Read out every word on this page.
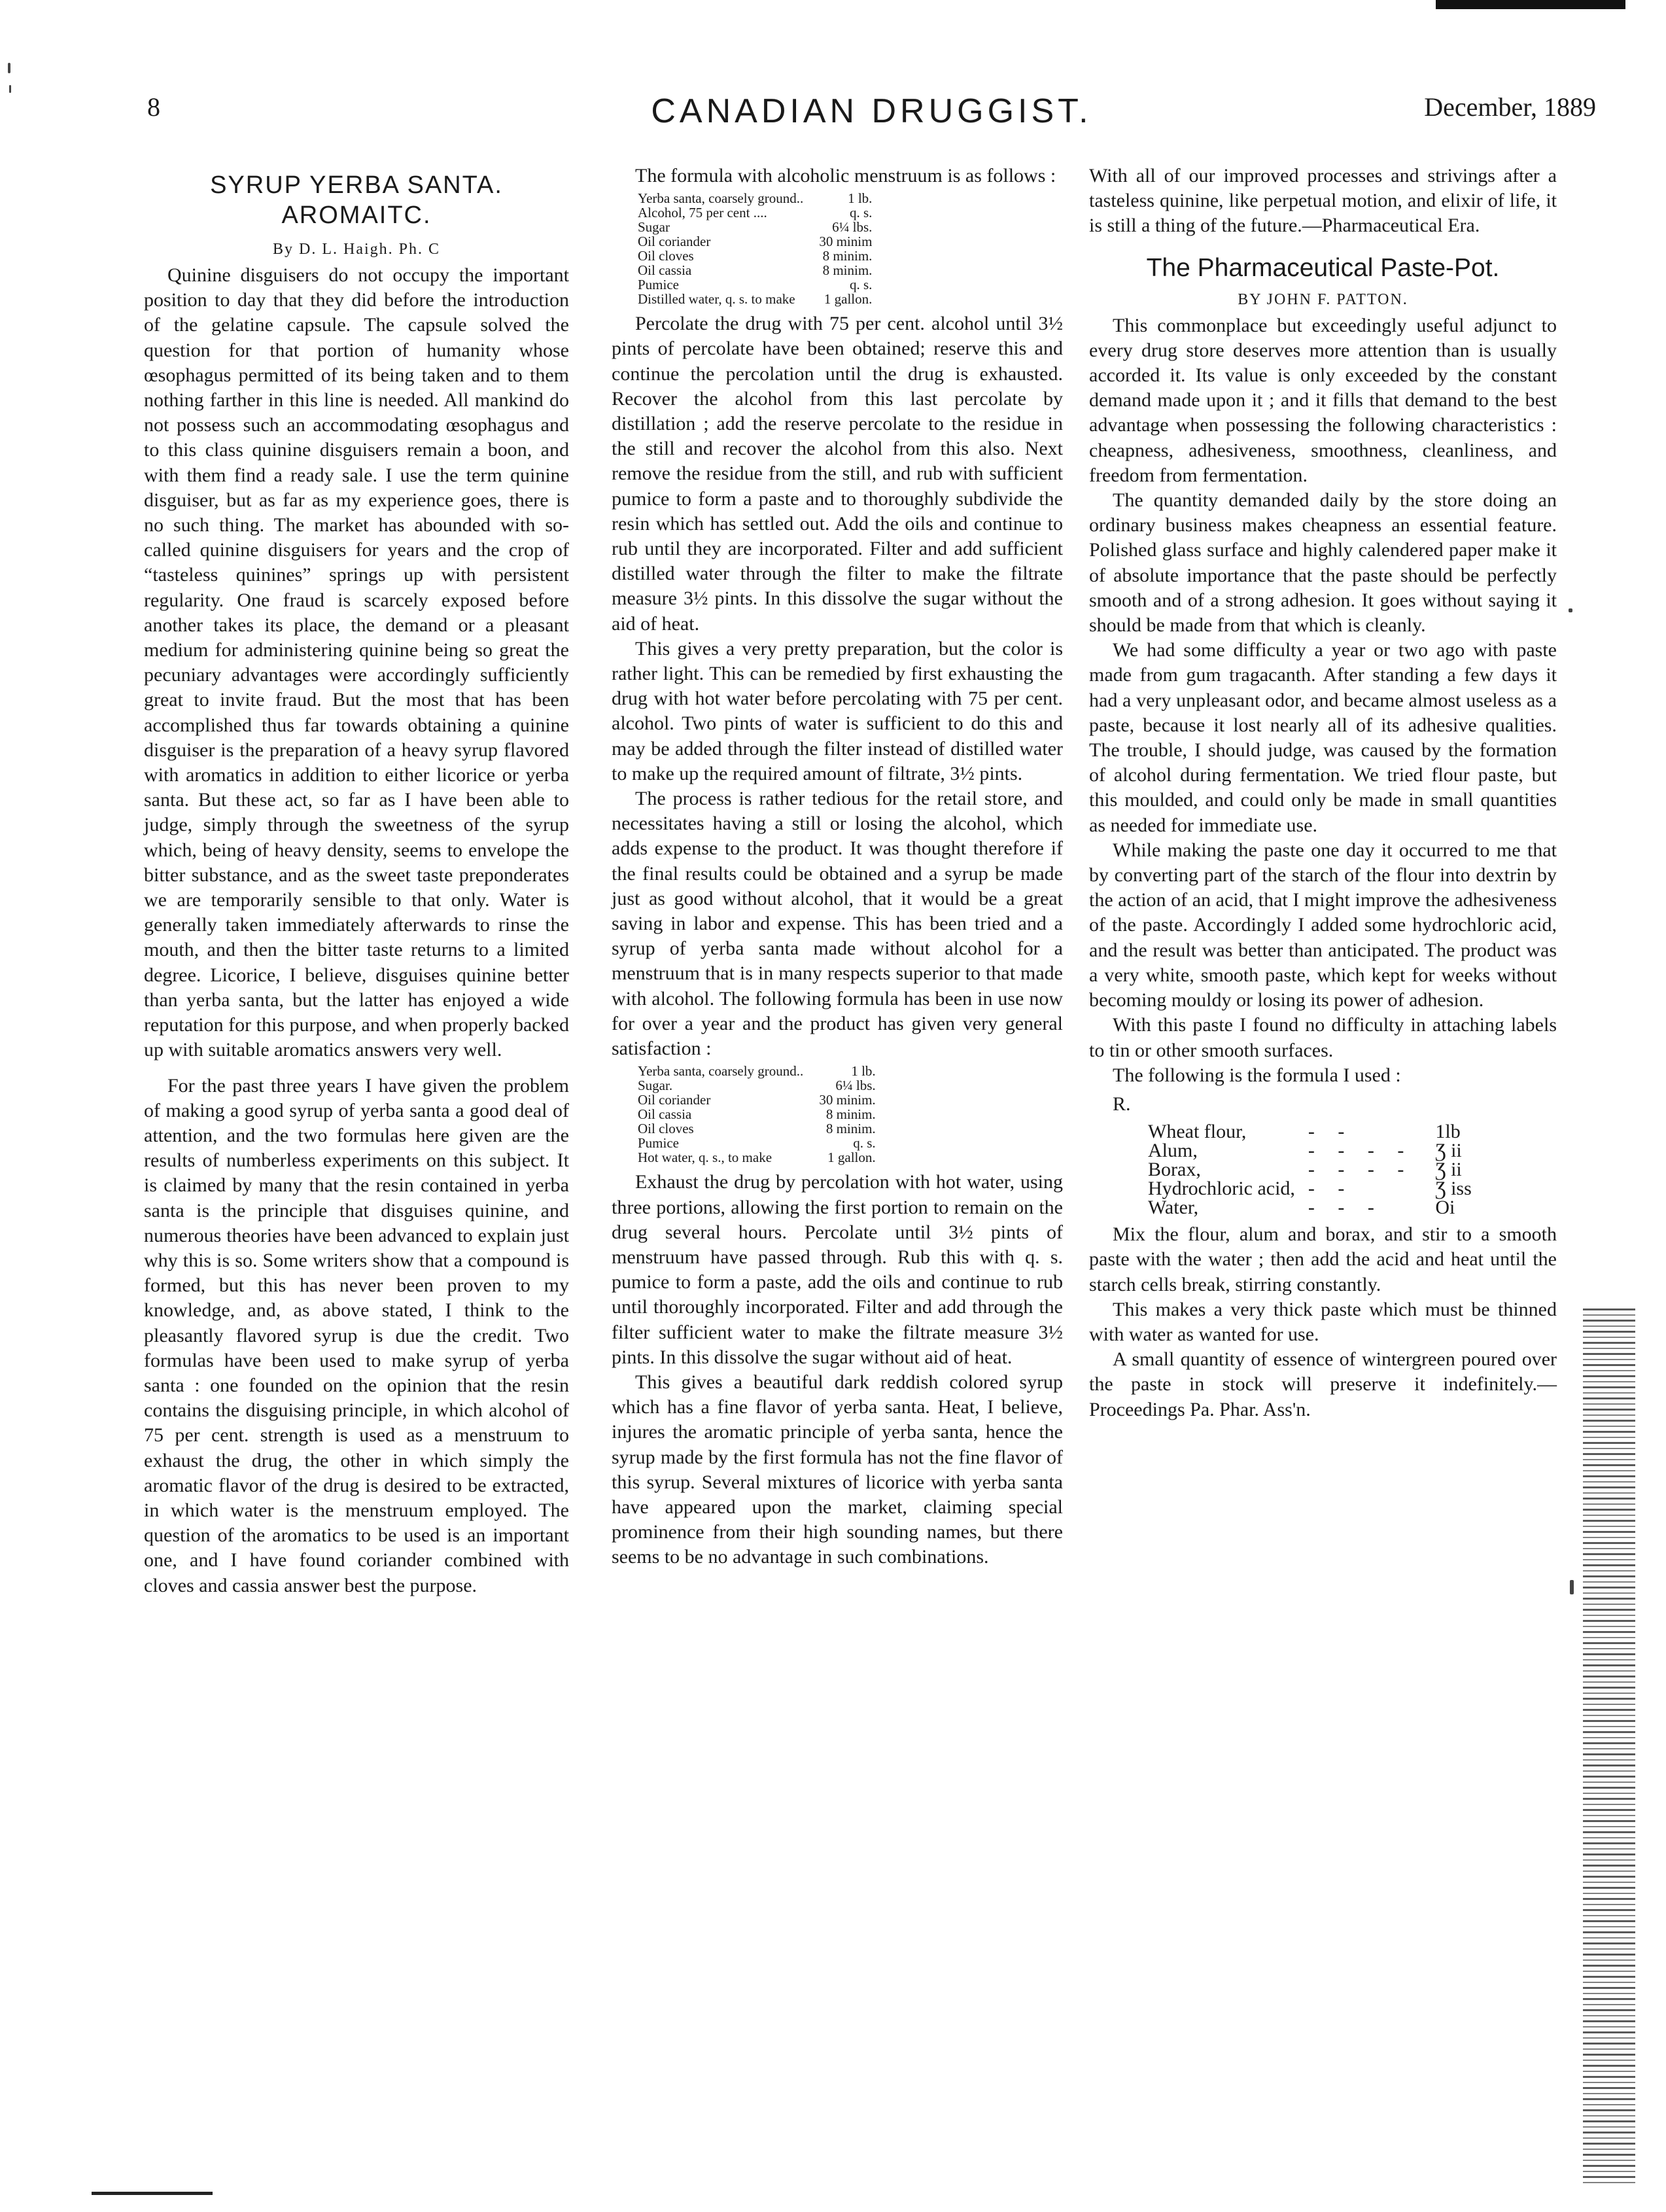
8	CANADIAN DRUGGIST.	December, 1889
SYRUP YERBA SANTA. AROMAITC.
By D. L. Haigh. Ph. C

Quinine disguisers do not occupy the important position to day that they did before the introduction of the gelatine capsule. The capsule solved the question for that portion of humanity whose œsophagus permitted of its being taken and to them nothing farther in this line is needed. All mankind do not possess such an accommodating œsophagus and to this class quinine disguisers remain a boon, and with them find a ready sale. I use the term quinine disguiser, but as far as my experience goes, there is no such thing. The market has abounded with so-called quinine disguisers for years and the crop of “tasteless quinines” springs up with persistent regularity. One fraud is scarcely exposed before another takes its place, the demand or a pleasant medium for administering quinine being so great the pecuniary advantages were accordingly sufficiently great to invite fraud. But the most that has been accomplished thus far towards obtaining a quinine disguiser is the preparation of a heavy syrup flavored with aromatics in addition to either licorice or yerba santa. But these act, so far as I have been able to judge, simply through the sweetness of the syrup which, being of heavy density, seems to envelope the bitter substance, and as the sweet taste preponderates we are temporarily sensible to that only. Water is generally taken immediately afterwards to rinse the mouth, and then the bitter taste returns to a limited degree. Licorice, I believe, disguises quinine better than yerba santa, but the latter has enjoyed a wide reputation for this purpose, and when properly backed up with suitable aromatics answers very well.

For the past three years I have given the problem of making a good syrup of yerba santa a good deal of attention, and the two formulas here given are the results of numberless experiments on this subject. It is claimed by many that the resin contained in yerba santa is the principle that disguises quinine, and numerous theories have been advanced to explain just why this is so. Some writers show that a compound is formed, but this has never been proven to my knowledge, and, as above stated, I think to the pleasantly flavored syrup is due the credit. Two formulas have been used to make syrup of yerba santa : one founded on the opinion that the resin contains the disguising principle, in which alcohol of 75 per cent. strength is used as a menstruum to exhaust the drug, the other in which simply the aromatic flavor of the drug is desired to be extracted, in which water is the menstruum employed. The question of the aromatics to be used is an important one, and I have found coriander combined with cloves and cassia answer best the purpose.

The formula with alcoholic menstruum is as follows :

Yerba santa, coarsely ground..	1 lb.
Alcohol, 75 per cent ....	q. s.
Sugar	6¼ lbs.
Oil coriander	30 minim
Oil cloves	8 minim.
Oil cassia	8 minim.
Pumice	q. s.
Distilled water, q. s. to make	1 gallon.

Percolate the drug with 75 per cent. alcohol until 3½ pints of percolate have been obtained; reserve this and continue the percolation until the drug is exhausted. Recover the alcohol from this last percolate by distillation ; add the reserve percolate to the residue in the still and recover the alcohol from this also. Next remove the residue from the still, and rub with sufficient pumice to form a paste and to thoroughly subdivide the resin which has settled out. Add the oils and continue to rub until they are incorporated. Filter and add sufficient distilled water through the filter to make the filtrate measure 3½ pints. In this dissolve the sugar without the aid of heat.

This gives a very pretty preparation, but the color is rather light. This can be remedied by first exhausting the drug with hot water before percolating with 75 per cent. alcohol. Two pints of water is sufficient to do this and may be added through the filter instead of distilled water to make up the required amount of filtrate, 3½ pints.

The process is rather tedious for the retail store, and necessitates having a still or losing the alcohol, which adds expense to the product. It was thought therefore if the final results could be obtained and a syrup be made just as good without alcohol, that it would be a great saving in labor and expense. This has been tried and a syrup of yerba santa made without alcohol for a menstruum that is in many respects superior to that made with alcohol. The following formula has been in use now for over a year and the product has given very general satisfaction :

Yerba santa, coarsely ground..	1 lb.
Sugar.	6¼ lbs.
Oil coriander	30 minim.
Oil cassia	8 minim.
Oil cloves	8 minim.
Pumice	q. s.
Hot water, q. s., to make	1 gallon.

Exhaust the drug by percolation with hot water, using three portions, allowing the first portion to remain on the drug several hours. Percolate until 3½ pints of menstruum have passed through. Rub this with q. s. pumice to form a paste, add the oils and continue to rub until thoroughly incorporated. Filter and add through the filter sufficient water to make the filtrate measure 3½ pints. In this dissolve the sugar without aid of heat.

This gives a beautiful dark reddish colored syrup which has a fine flavor of yerba santa. Heat, I believe, injures the aromatic principle of yerba santa, hence the syrup made by the first formula has not the fine flavor of this syrup. Several mixtures of licorice with yerba santa have appeared upon the market, claiming special prominence from their high sounding names, but there seems to be no advantage in such combinations.

With all of our improved processes and strivings after a tasteless quinine, like perpetual motion, and elixir of life, it is still a thing of the future.—Pharmaceutical Era.

The Pharmaceutical Paste-Pot.
BY JOHN F. PATTON.

This commonplace but exceedingly useful adjunct to every drug store deserves more attention than is usually accorded it. Its value is only exceeded by the constant demand made upon it ; and it fills that demand to the best advantage when possessing the following characteristics : cheapness, adhesiveness, smoothness, cleanliness, and freedom from fermentation.

The quantity demanded daily by the store doing an ordinary business makes cheapness an essential feature. Polished glass surface and highly calendered paper make it of absolute importance that the paste should be perfectly smooth and of a strong adhesion. It goes without saying it should be made from that which is cleanly.

We had some difficulty a year or two ago with paste made from gum tragacanth. After standing a few days it had a very unpleasant odor, and became almost useless as a paste, because it lost nearly all of its adhesive qualities. The trouble, I should judge, was caused by the formation of alcohol during fermentation. We tried flour paste, but this moulded, and could only be made in small quantities as needed for immediate use.

While making the paste one day it occurred to me that by converting part of the starch of the flour into dextrin by the action of an acid, that I might improve the adhesiveness of the paste. Accordingly I added some hydrochloric acid, and the result was better than anticipated. The product was a very white, smooth paste, which kept for weeks without becoming mouldy or losing its power of adhesion.

With this paste I found no difficulty in attaching labels to tin or other smooth surfaces.

The following is the formula I used :

R.
Wheat flour,	- -	1lb
Alum,	- - - -	Ʒ ii
Borax,	- - - -	Ʒ ii
Hydrochloric acid,	- -	Ʒ iss
Water,	- - -	Oi

Mix the flour, alum and borax, and stir to a smooth paste with the water ; then add the acid and heat until the starch cells break, stirring constantly.

This makes a very thick paste which must be thinned with water as wanted for use.

A small quantity of essence of wintergreen poured over the paste in stock will preserve it indefinitely.—Proceedings Pa. Phar. Ass'n.
